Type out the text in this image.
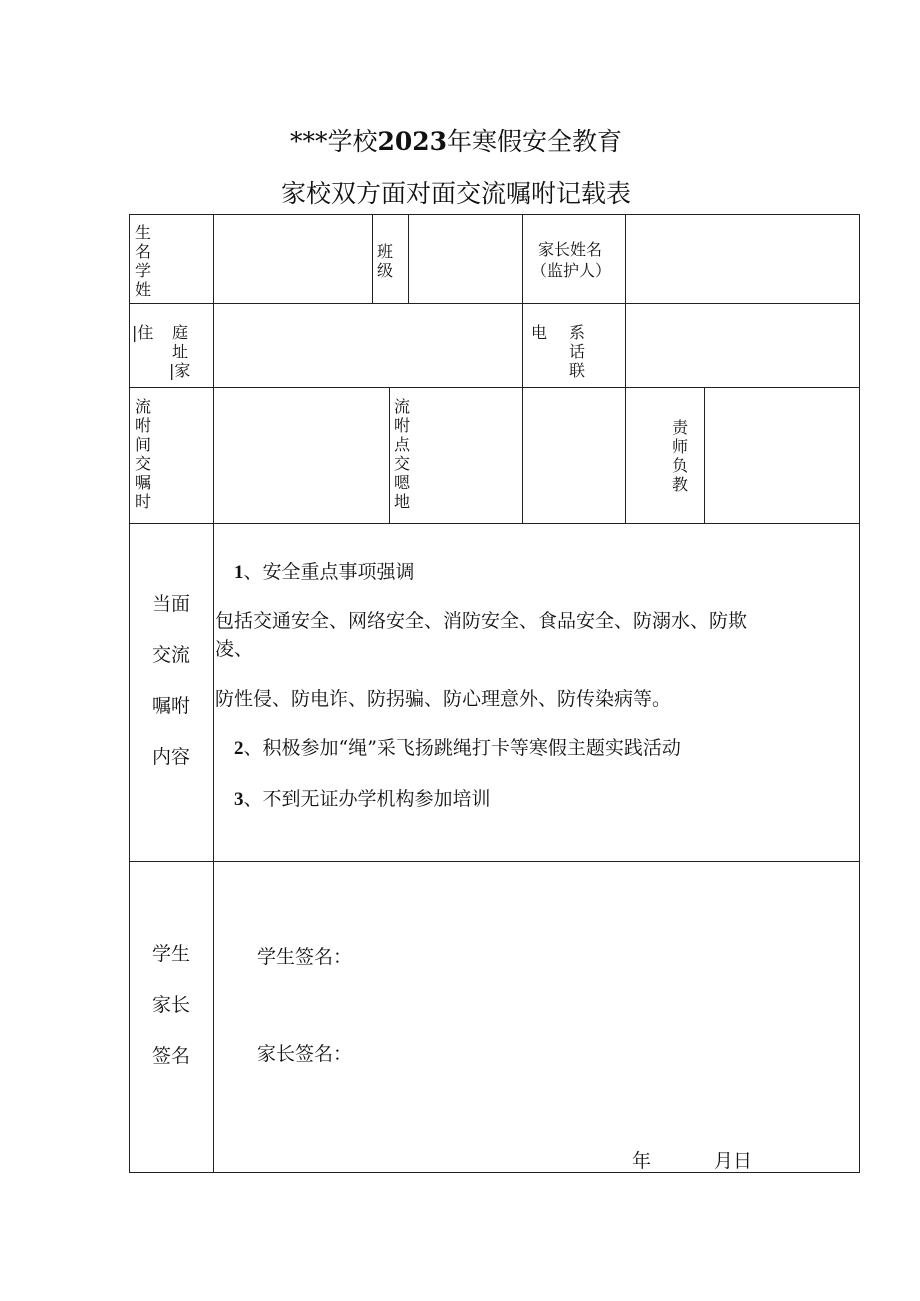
***学校2023年寒假安全教育
家校双方面对面交流嘱咐记载表
生名学姓
班级
家长姓名
（监护人）
|住 庭
址
|家
电 系
话
联
流咐间交嘱时
流咐点交嗯地
责师负教
当面
交流
嘱咐
内容
1、安全重点事项强调
包括交通安全、网络安全、消防安全、食品安全、防溺水、防欺
凌、
防性侵、防电诈、防拐骗、防心理意外、防传染病等。
2、积极参加“绳”采飞扬跳绳打卡等寒假主题实践活动
3、不到无证办学机构参加培训
学生
家长
签名
学生签名：
家长签名：
年	月日
